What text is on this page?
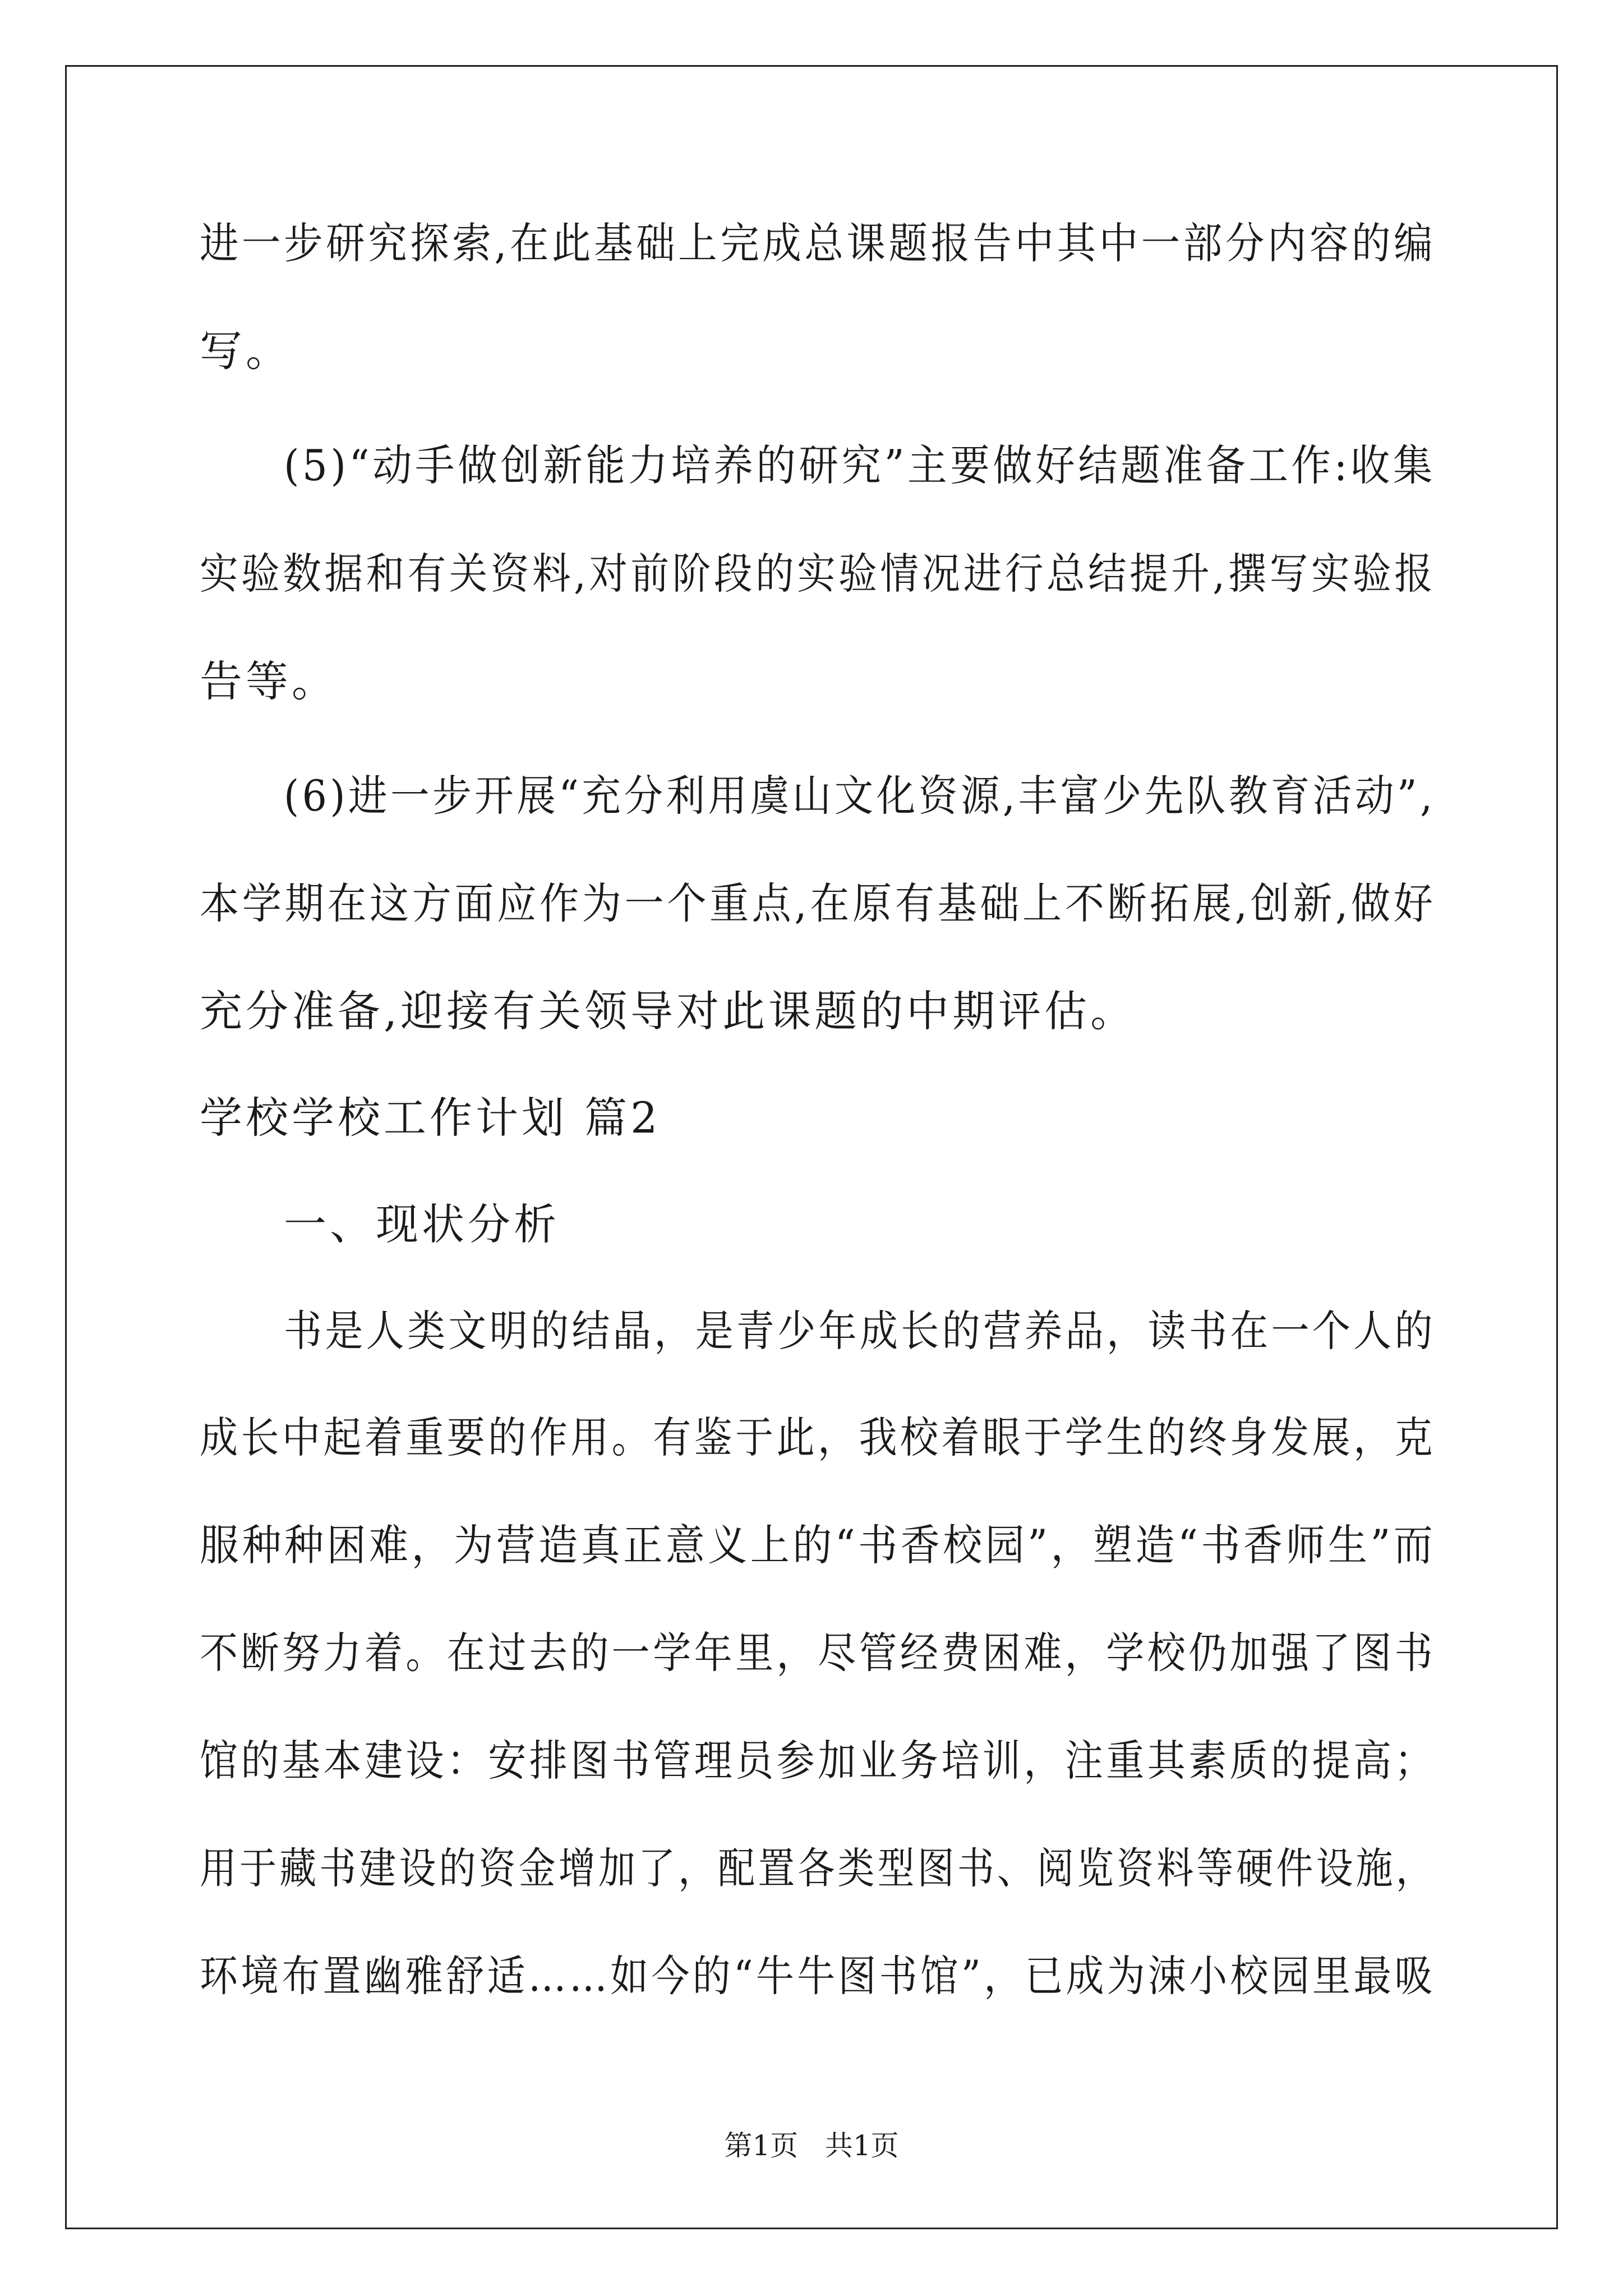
进一步研究探索,在此基础上完成总课题报告中其中一部分内容的编
写。
(5)“动手做创新能力培养的研究”主要做好结题准备工作:收集
实验数据和有关资料,对前阶段的实验情况进行总结提升,撰写实验报
告等。
(6)进一步开展“充分利用虞山文化资源,丰富少先队教育活动”,
本学期在这方面应作为一个重点,在原有基础上不断拓展,创新,做好
充分准备,迎接有关领导对此课题的中期评估。
学校学校工作计划 篇2
一、现状分析
书是人类文明的结晶，是青少年成长的营养品，读书在一个人的
成长中起着重要的作用。有鉴于此，我校着眼于学生的终身发展，克
服种种困难，为营造真正意义上的“书香校园”，塑造“书香师生”而
不断努力着。在过去的一学年里，尽管经费困难，学校仍加强了图书
馆的基本建设：安排图书管理员参加业务培训，注重其素质的提高；
用于藏书建设的资金增加了，配置各类型图书、阅览资料等硬件设施，
环境布置幽雅舒适……如今的“牛牛图书馆”，已成为涑小校园里最吸
第1页   共1页
